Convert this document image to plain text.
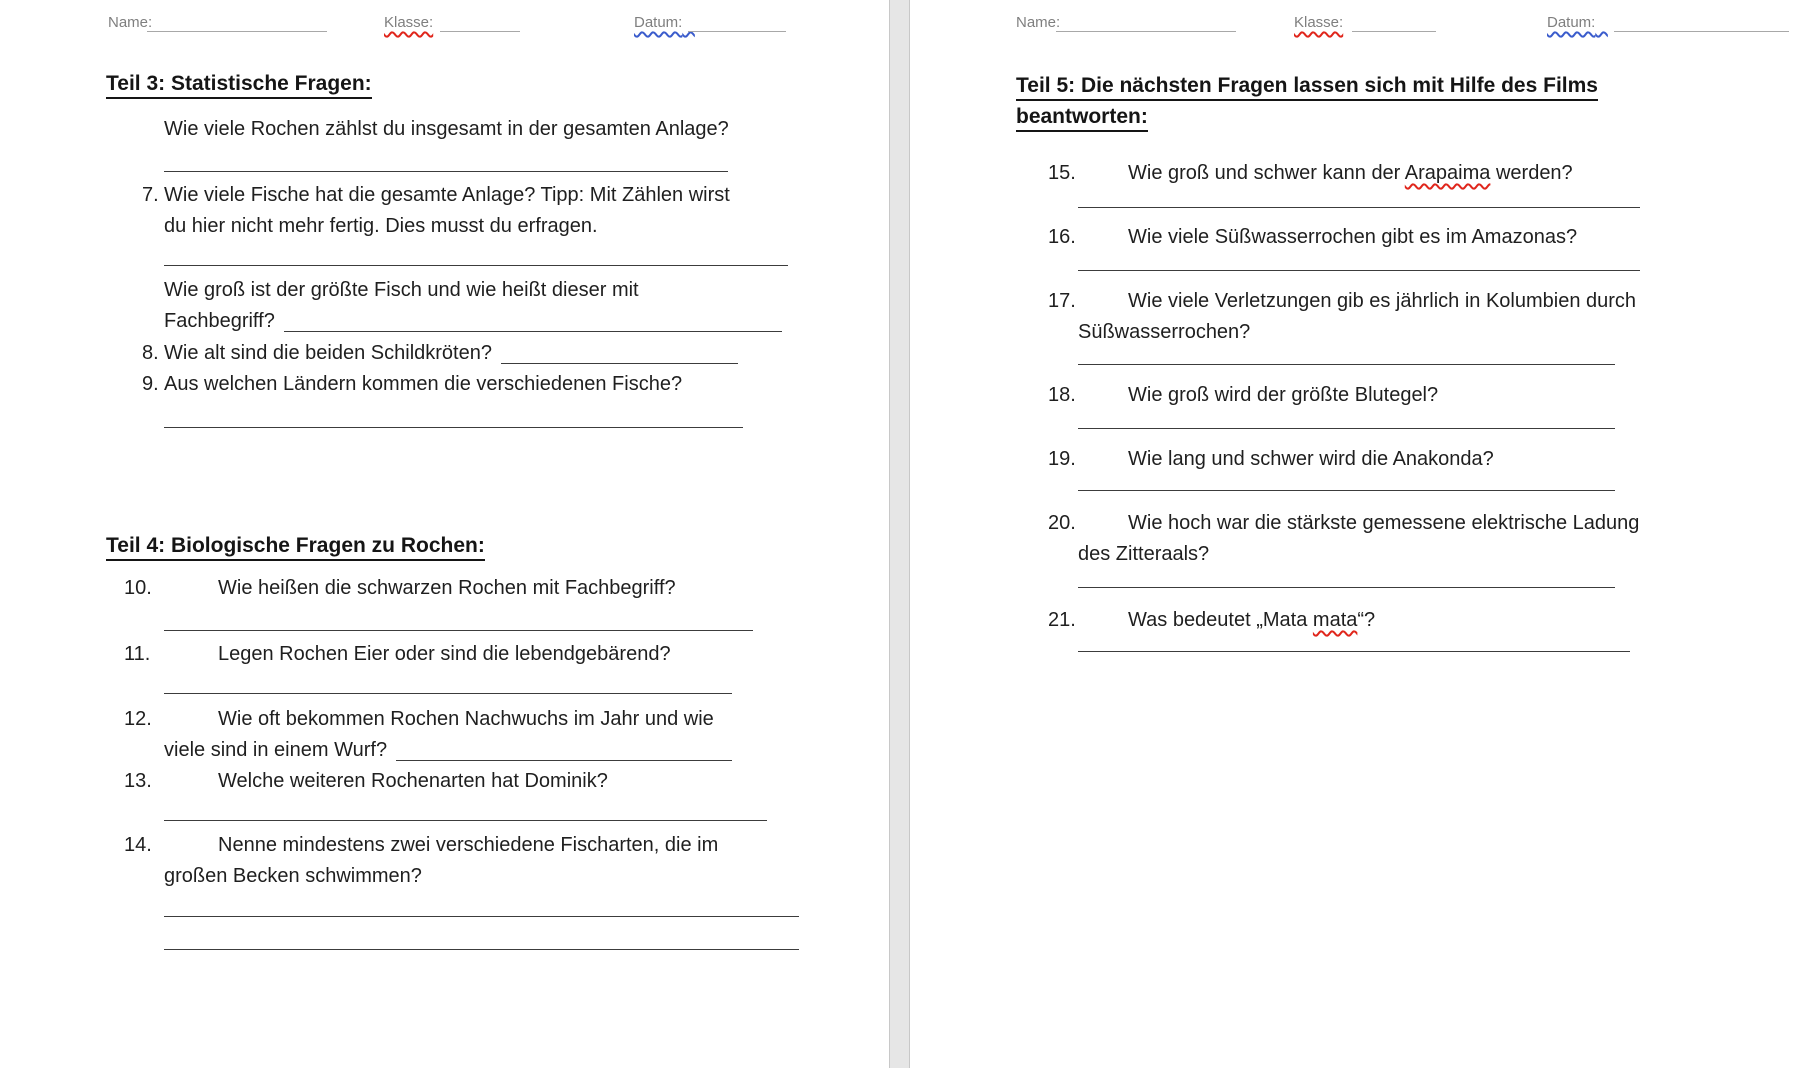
Name:	Klasse:	Datum:
Teil 3: Statistische Fragen:
Wie viele Rochen zählst du insgesamt in der gesamten Anlage?
7. Wie viele Fische hat die gesamte Anlage? Tipp: Mit Zählen wirst
du hier nicht mehr fertig. Dies musst du erfragen.
Wie groß ist der größte Fisch und wie heißt dieser mit
Fachbegriff?
8. Wie alt sind die beiden Schildkröten?
9. Aus welchen Ländern kommen die verschiedenen Fische?
Teil 4: Biologische Fragen zu Rochen:
10.	Wie heißen die schwarzen Rochen mit Fachbegriff?
11.	Legen Rochen Eier oder sind die lebendgebärend?
12.	Wie oft bekommen Rochen Nachwuchs im Jahr und wie
viele sind in einem Wurf?
13.	Welche weiteren Rochenarten hat Dominik?
14.	Nenne mindestens zwei verschiedene Fischarten, die im
großen Becken schwimmen?
Name:	Klasse:	Datum:
Teil 5: Die nächsten Fragen lassen sich mit Hilfe des Films
beantworten:
15.	Wie groß und schwer kann der Arapaima werden?
16.	Wie viele Süßwasserrochen gibt es im Amazonas?
17.	Wie viele Verletzungen gib es jährlich in Kolumbien durch
Süßwasserrochen?
18.	Wie groß wird der größte Blutegel?
19.	Wie lang und schwer wird die Anakonda?
20.	Wie hoch war die stärkste gemessene elektrische Ladung
des Zitteraals?
21.	Was bedeutet „Mata mata“?
